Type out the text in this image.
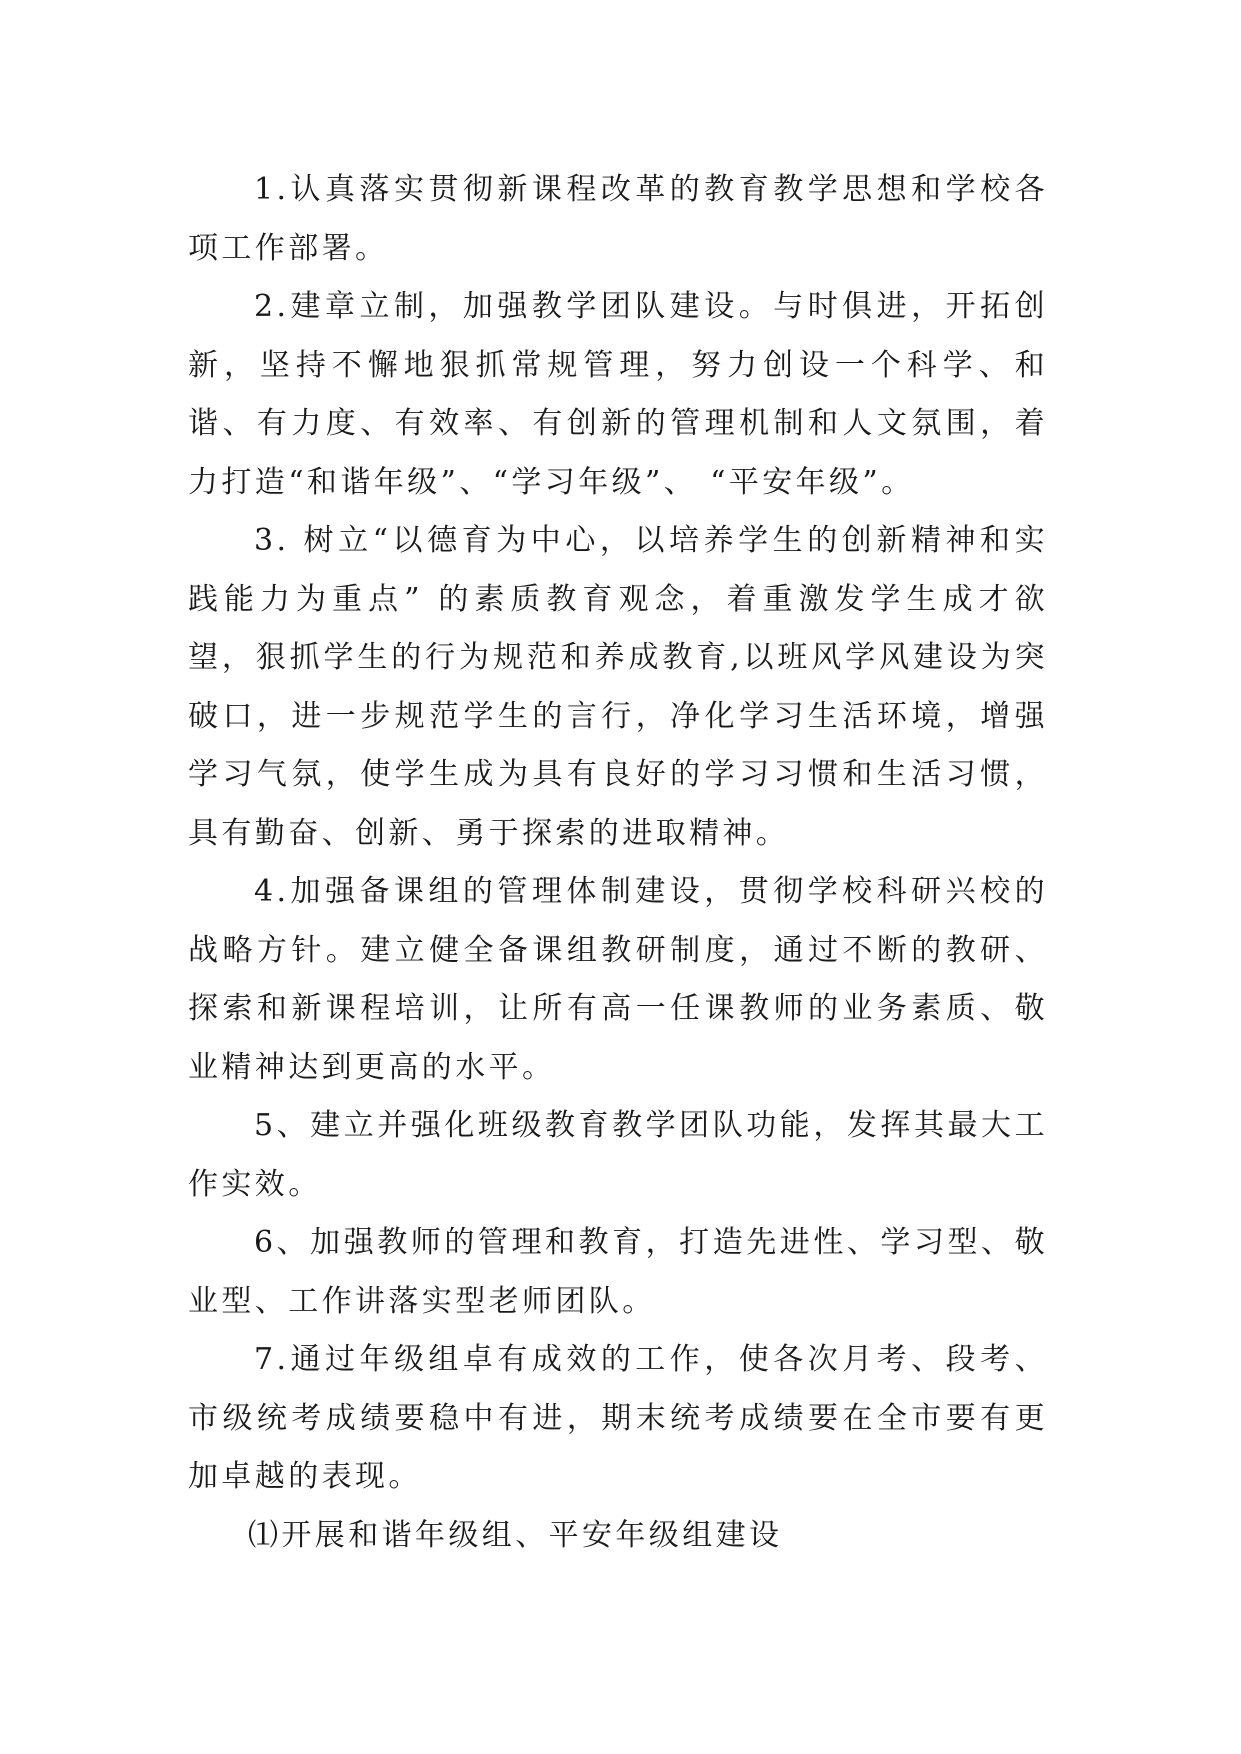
1.认真落实贯彻新课程改革的教育教学思想和学校各项工作部署。

2.建章立制，加强教学团队建设。与时俱进，开拓创新，坚持不懈地狠抓常规管理，努力创设一个科学、和谐、有力度、有效率、有创新的管理机制和人文氛围，着力打造“和谐年级”、“学习年级”、 “平安年级”。

3. 树立“以德育为中心，以培养学生的创新精神和实践能力为重点” 的素质教育观念，着重激发学生成才欲望，狠抓学生的行为规范和养成教育,以班风学风建设为突破口，进一步规范学生的言行，净化学习生活环境，增强学习气氛，使学生成为具有良好的学习习惯和生活习惯，具有勤奋、创新、勇于探索的进取精神。

4.加强备课组的管理体制建设，贯彻学校科研兴校的战略方针。建立健全备课组教研制度，通过不断的教研、探索和新课程培训，让所有高一任课教师的业务素质、敬业精神达到更高的水平。

5、建立并强化班级教育教学团队功能，发挥其最大工作实效。

6、加强教师的管理和教育，打造先进性、学习型、敬业型、工作讲落实型老师团队。

7.通过年级组卓有成效的工作，使各次月考、段考、市级统考成绩要稳中有进，期末统考成绩要在全市要有更加卓越的表现。

⑴开展和谐年级组、平安年级组建设
